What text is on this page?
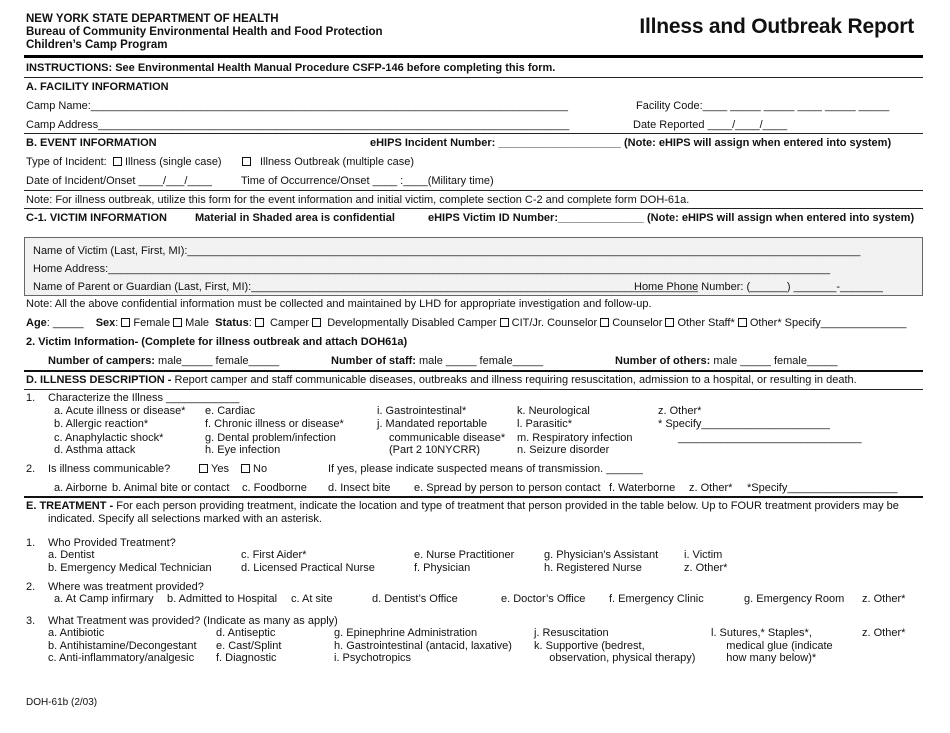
NEW YORK STATE DEPARTMENT OF HEALTH
Bureau of Community Environmental Health and Food Protection
Children’s Camp Program
Illness and Outbreak Report
INSTRUCTIONS: See Environmental Health Manual Procedure CSFP-146 before completing this form.
A. FACILITY INFORMATION
Camp Name:______________________________________________________________________________	Facility Code:____ _____ _____ ____ _____ _____
Camp Address_____________________________________________________________________________	Date Reported ____/____/____
B. EVENT INFORMATION	eHIPS Incident Number: ____________________ (Note: eHIPS will assign when entered into system)
Type of Incident:	Illness (single case)	Illness Outbreak (multiple case)
Date of Incident/Onset ____/___/____	Time of Occurrence/Onset ____ :____(Military time)
Note: For illness outbreak, utilize this form for the event information and initial victim, complete section C-2 and complete form DOH-61a.
C-1. VICTIM INFORMATION	Material in Shaded area is confidential	eHIPS Victim ID Number:______________ (Note: eHIPS will assign when entered into system)
Name of Victim (Last, First, MI):______________________________________________________________________________________________________________
Home Address:______________________________________________________________________________________________________________________
Name of Parent or Guardian (Last, First, MI):_________________________________________________________________________
Home Phone Number: (______) _______-_______
Note: All the above confidential information must be collected and maintained by LHD for appropriate investigation and follow-up.
Age: _____ Sex: Female Male Status:  Camper Developmentally Disabled Camper CIT/Jr. Counselor Counselor Other Staff* Other* Specify______________
2. Victim Information- (Complete for illness outbreak and attach DOH61a)
Number of campers: male_____ female_____	Number of staff: male _____ female_____	Number of others: male _____ female_____
D. ILLNESS DESCRIPTION - Report camper and staff communicable diseases, outbreaks and illness requiring resuscitation, admission to a hospital, or resulting in death.
1. Characterize the Illness ____________
a. Acute illness or disease*
b. Allergic reaction*
c. Anaphylactic shock*
d. Asthma attack
e. Cardiac
f. Chronic illness or disease*
g. Dental problem/infection
h. Eye infection
i. Gastrointestinal*
j. Mandated reportable
communicable disease*
(Part 2 10NYCRR)
k. Neurological
l. Parasitic*
m. Respiratory infection
n. Seizure disorder
z. Other*
* Specify_____________________
______________________________
2. Is illness communicable?	Yes	No	If yes, please indicate suspected means of transmission. ______
a. Airborne b. Animal bite or contact c. Foodborne d. Insect bite e. Spread by person to person contact f. Waterborne z. Other* *Specify__________________
E. TREATMENT - For each person providing treatment, indicate the location and type of treatment that person provided in the table below. Up to FOUR treatment providers may be
indicated. Specify all selections marked with an asterisk.
1. Who Provided Treatment?
a. Dentist
b. Emergency Medical Technician
c. First Aider*
d. Licensed Practical Nurse
e. Nurse Practitioner
f. Physician
g. Physician’s Assistant
h. Registered Nurse
i. Victim
z. Other*
2. Where was treatment provided?
a. At Camp infirmary b. Admitted to Hospital c. At site	d. Dentist’s Office	e. Doctor’s Office f. Emergency Clinic	g. Emergency Room z. Other*
3. What Treatment was provided? (Indicate as many as apply)
a. Antibiotic
b. Antihistamine/Decongestant
c. Anti-inflammatory/analgesic
d. Antiseptic
e. Cast/Splint
f. Diagnostic
g. Epinephrine Administration
h. Gastrointestinal (antacid, laxative)
i. Psychotropics
j. Resuscitation
k. Supportive (bedrest,
observation, physical therapy)
l. Sutures,* Staples*,
medical glue (indicate
how many below)*
z. Other*
DOH-61b (2/03)
